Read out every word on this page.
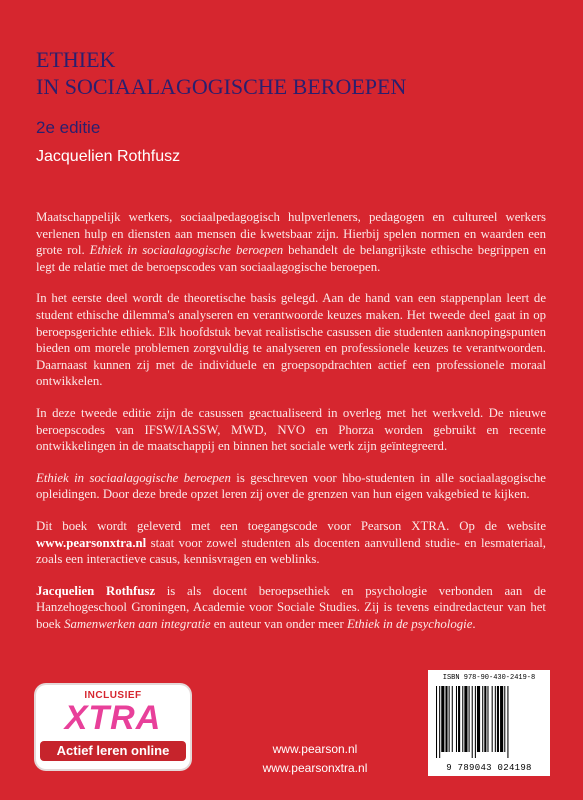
ETHIEK
IN SOCIAALAGOGISCHE BEROEPEN
2e editie
Jacquelien Rothfusz

Maatschappelijk werkers, sociaalpedagogisch hulpverleners, pedagogen en cultureel werkers verlenen hulp en diensten aan mensen die kwetsbaar zijn. Hierbij spelen normen en waarden een grote rol. Ethiek in sociaalagogische beroepen behandelt de belangrijkste ethische begrippen en legt de relatie met de beroepscodes van sociaalagogische beroepen.

In het eerste deel wordt de theoretische basis gelegd. Aan de hand van een stappenplan leert de student ethische dilemma's analyseren en verantwoorde keuzes maken. Het tweede deel gaat in op beroepsgerichte ethiek. Elk hoofdstuk bevat realistische casussen die studenten aanknopingspunten bieden om morele problemen zorgvuldig te analyseren en professionele keuzes te verantwoorden. Daarnaast kunnen zij met de individuele en groepsopdrachten actief een professionele moraal ontwikkelen.

In deze tweede editie zijn de casussen geactualiseerd in overleg met het werkveld. De nieuwe beroepscodes van IFSW/IASSW, MWD, NVO en Phorza worden gebruikt en recente ontwikkelingen in de maatschappij en binnen het sociale werk zijn geïntegreerd.

Ethiek in sociaalagogische beroepen is geschreven voor hbo-studenten in alle sociaalagogische opleidingen. Door deze brede opzet leren zij over de grenzen van hun eigen vakgebied te kijken.

Dit boek wordt geleverd met een toegangscode voor Pearson XTRA. Op de website www.pearsonxtra.nl staat voor zowel studenten als docenten aanvullend studie- en lesmateriaal, zoals een interactieve casus, kennisvragen en weblinks.

Jacquelien Rothfusz is als docent beroepsethiek en psychologie verbonden aan de Hanzehogeschool Groningen, Academie voor Sociale Studies. Zij is tevens eindredacteur van het boek Samenwerken aan integratie en auteur van onder meer Ethiek in de psychologie.

INCLUSIEF
XTRA
Actief leren online	www.pearson.nl
www.pearsonxtra.nl
ISBN 978-90-430-2419-8
9 789043 024198
